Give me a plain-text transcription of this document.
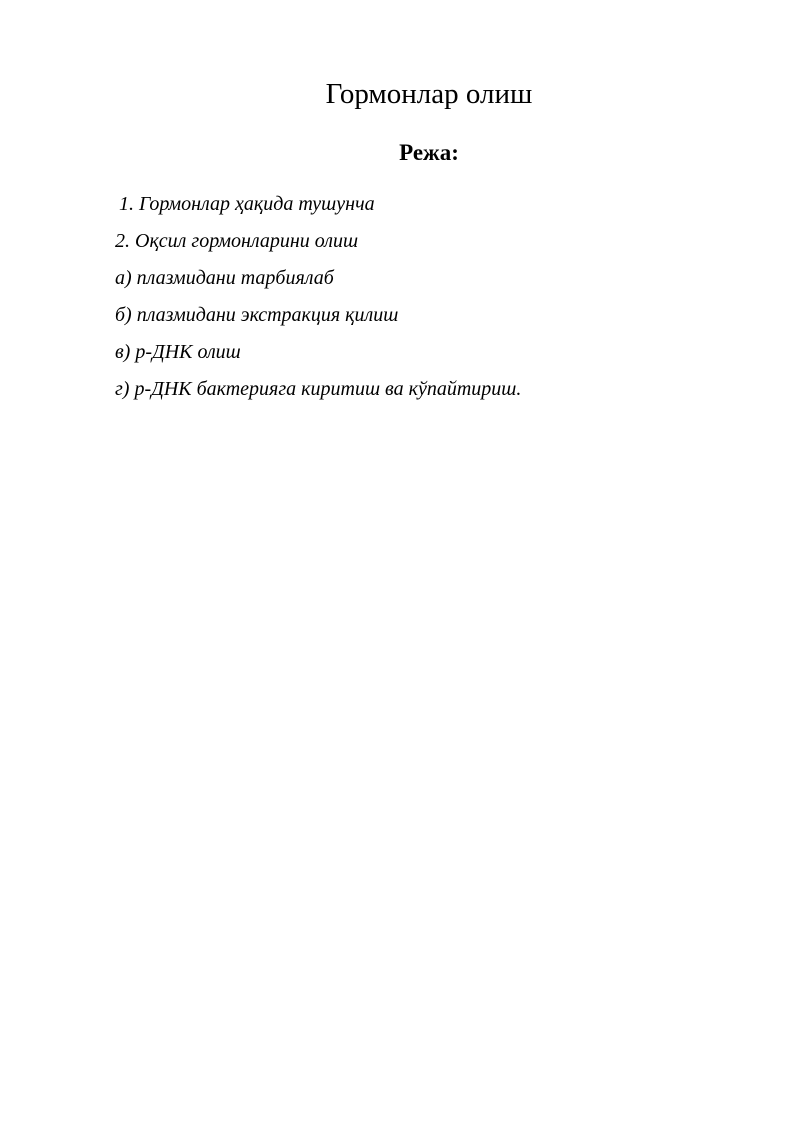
Гормонлар олиш
Режа:
1. Гормонлар ҳақида тушунча
2. Оқсил гормонларини олиш
а) плазмидани тарбиялаб
б) плазмидани экстракция қилиш
в) р-ДНК олиш
г) р-ДНК бактерияга киритиш ва кўпайтириш.
